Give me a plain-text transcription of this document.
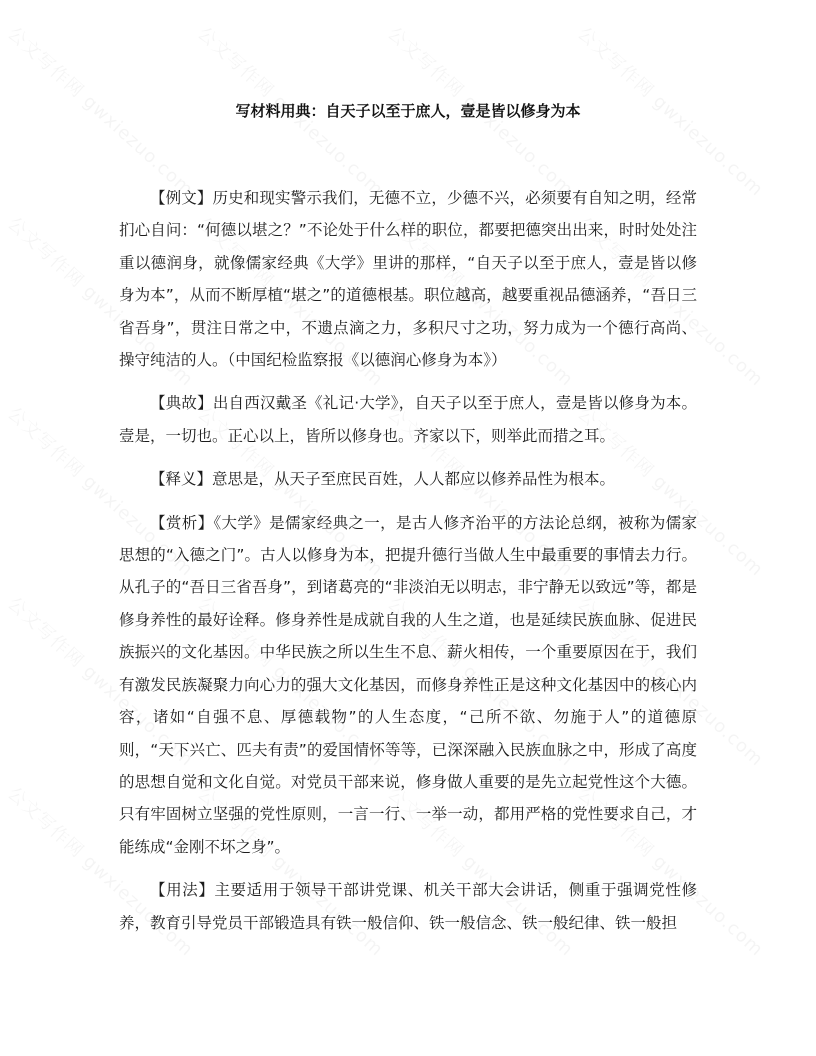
写材料用典：自天子以至于庶人，壹是皆以修身为本

【例文】历史和现实警示我们，无德不立，少德不兴，必须要有自知之明，经常扪心自问：“何德以堪之？”不论处于什么样的职位，都要把德突出出来，时时处处注重以德润身，就像儒家经典《大学》里讲的那样，“自天子以至于庶人，壹是皆以修身为本”，从而不断厚植“堪之”的道德根基。职位越高，越要重视品德涵养，“吾日三省吾身”，贯注日常之中，不遗点滴之力，多积尺寸之功，努力成为一个德行高尚、操守纯洁的人。（中国纪检监察报《以德润心修身为本》）

【典故】出自西汉戴圣《礼记·大学》，自天子以至于庶人，壹是皆以修身为本。壹是，一切也。正心以上，皆所以修身也。齐家以下，则举此而措之耳。

【释义】意思是，从天子至庶民百姓，人人都应以修养品性为根本。

【赏析】《大学》是儒家经典之一，是古人修齐治平的方法论总纲，被称为儒家思想的“入德之门”。古人以修身为本，把提升德行当做人生中最重要的事情去力行。从孔子的“吾日三省吾身”，到诸葛亮的“非淡泊无以明志，非宁静无以致远”等，都是修身养性的最好诠释。修身养性是成就自我的人生之道，也是延续民族血脉、促进民族振兴的文化基因。中华民族之所以生生不息、薪火相传，一个重要原因在于，我们有激发民族凝聚力向心力的强大文化基因，而修身养性正是这种文化基因中的核心内容，诸如“自强不息、厚德载物”的人生态度，“己所不欲、勿施于人”的道德原则，“天下兴亡、匹夫有责”的爱国情怀等等，已深深融入民族血脉之中，形成了高度的思想自觉和文化自觉。对党员干部来说，修身做人重要的是先立起党性这个大德。只有牢固树立坚强的党性原则，一言一行、一举一动，都用严格的党性要求自己，才能练成“金刚不坏之身”。

【用法】主要适用于领导干部讲党课、机关干部大会讲话，侧重于强调党性修养，教育引导党员干部锻造具有铁一般信仰、铁一般信念、铁一般纪律、铁一般担
